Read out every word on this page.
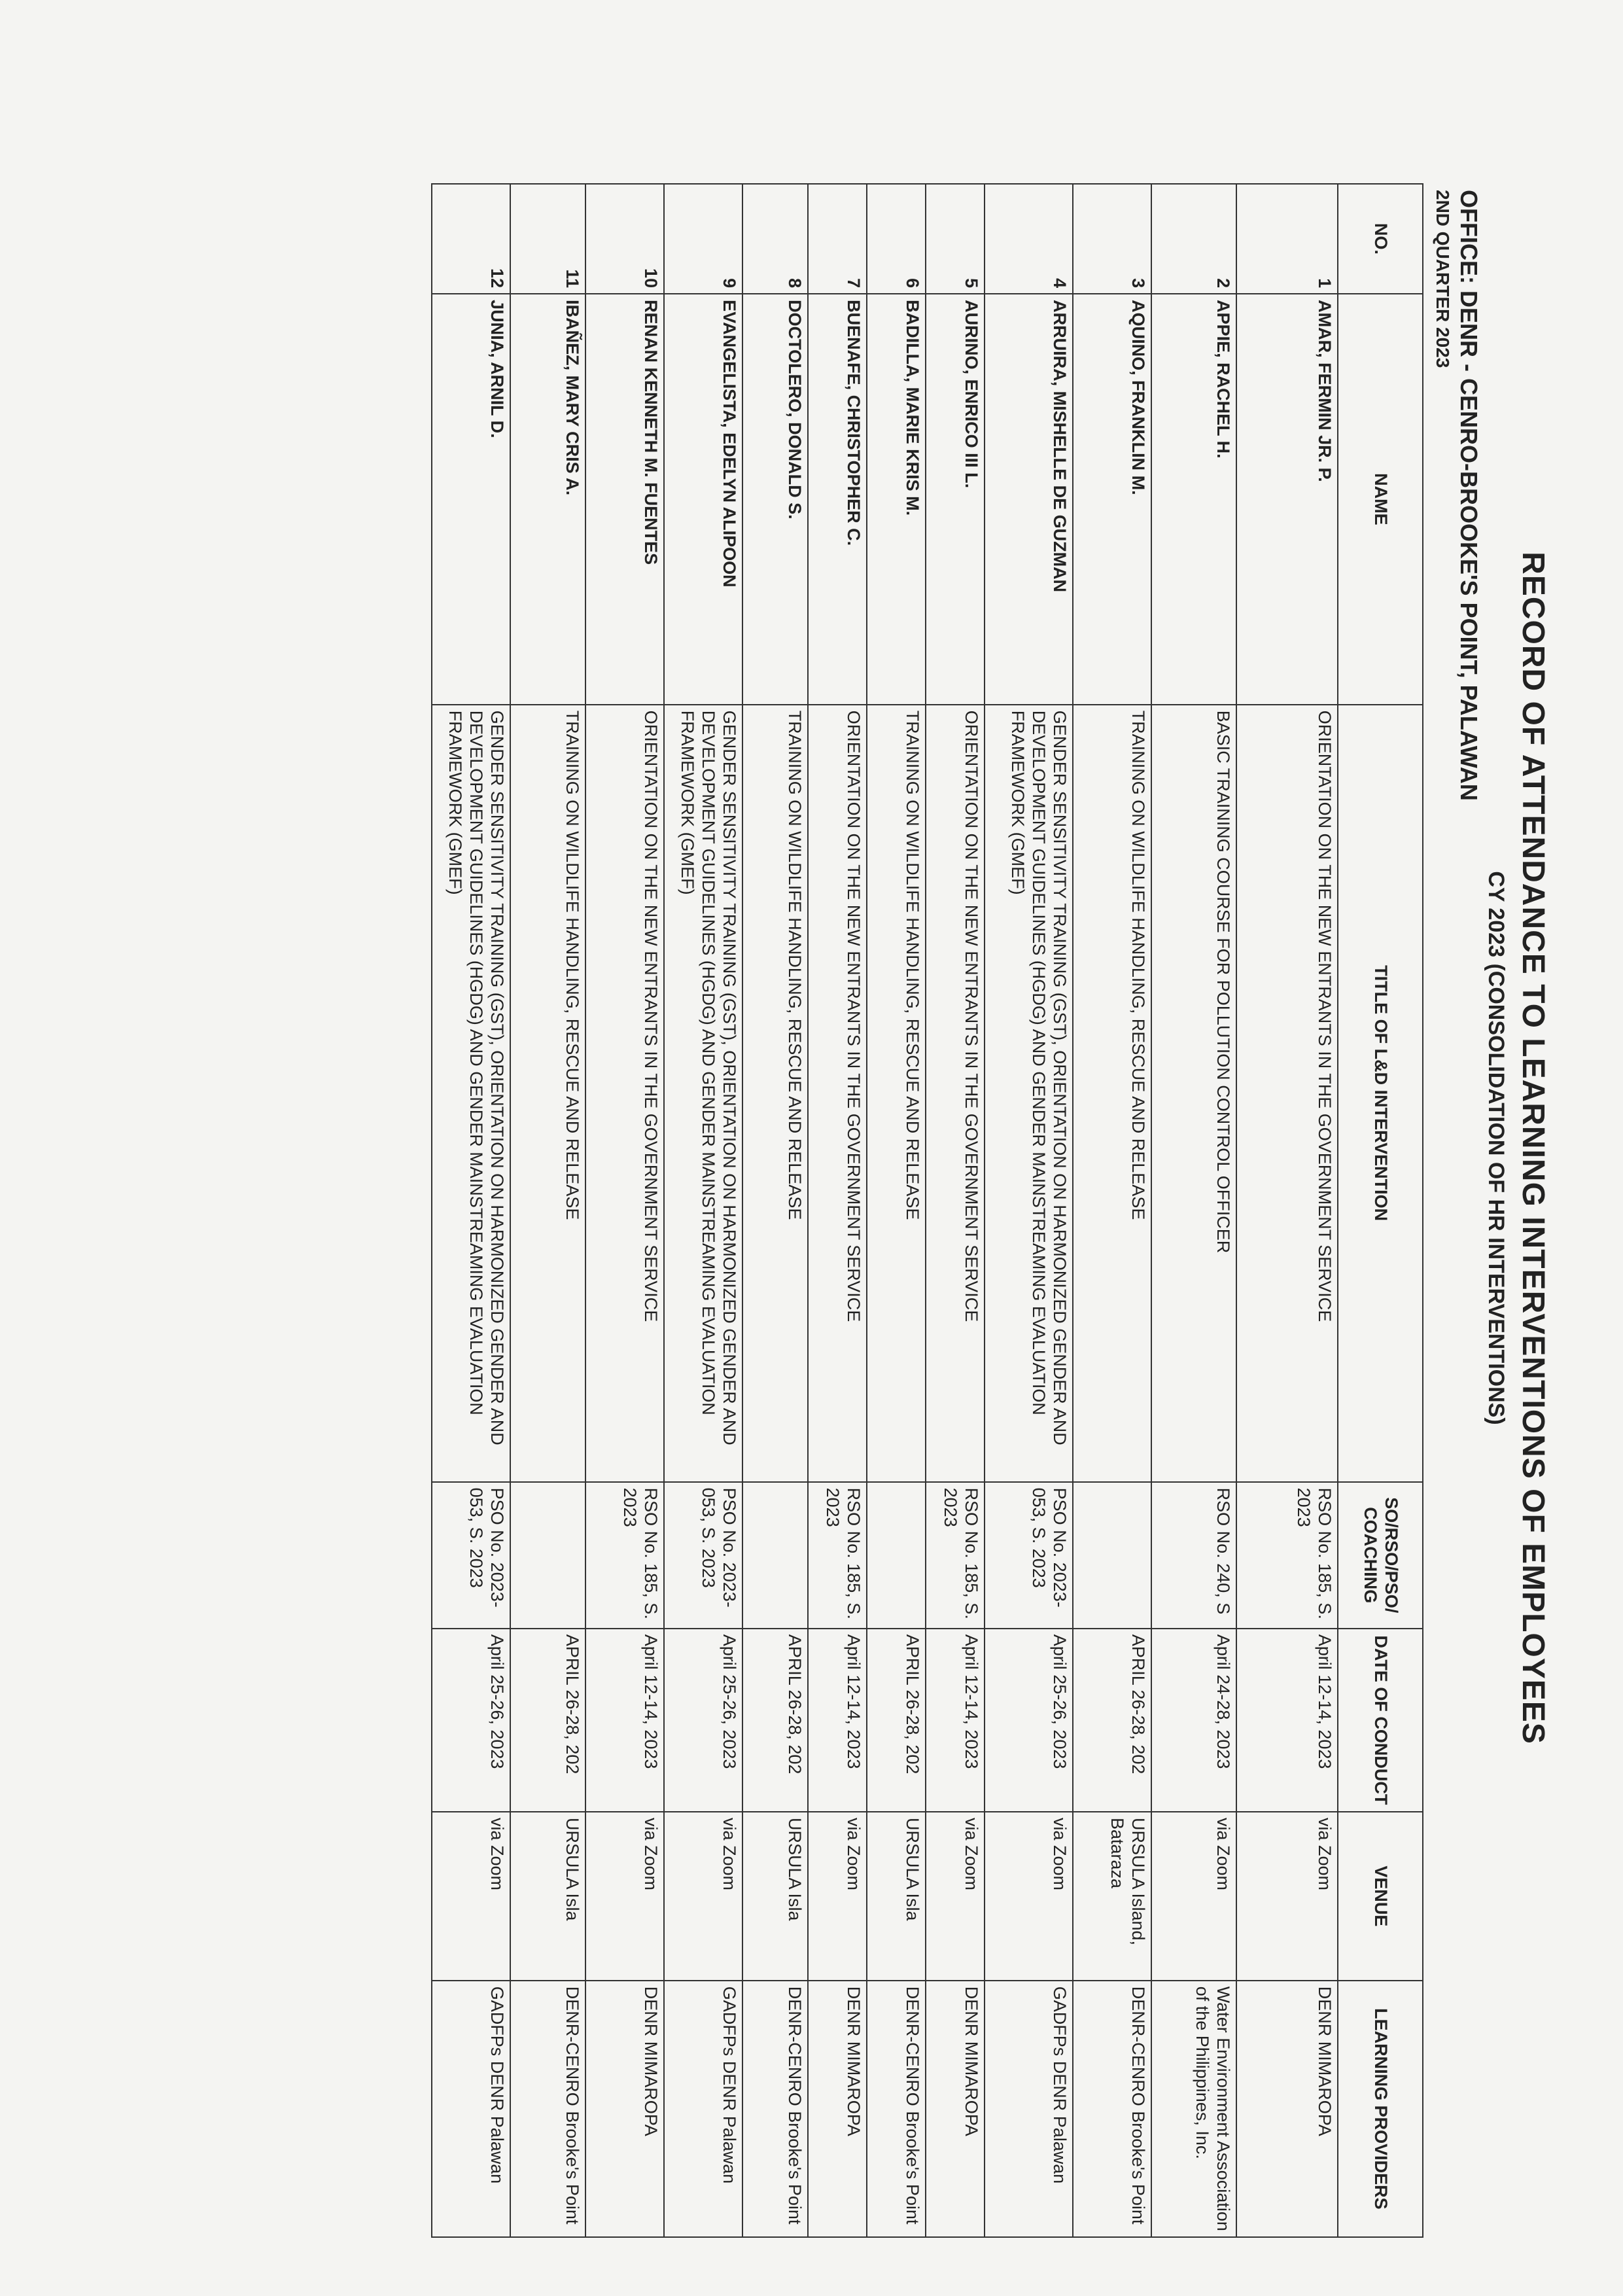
RECORD OF ATTENDANCE TO LEARNING INTERVENTIONS OF EMPLOYEES
CY 2023 (CONSOLIDATION OF HR INTERVENTIONS)
OFFICE: DENR - CENRO-BROOKE'S POINT, PALAWAN
2ND QUARTER 2023
NO.	NAME	TITLE OF L&D INTERVENTION	SO/RSO/PSO/ COACHING	DATE OF CONDUCT	VENUE	LEARNING PROVIDERS
1	AMAR, FERMIN JR. P.	ORIENTATION ON THE NEW ENTRANTS IN THE GOVERNMENT SERVICE	RSO No. 185, S. 2023	April 12-14, 2023	via Zoom	DENR MIMAROPA
2	APPIE, RACHEL H.	BASIC TRAINING COURSE FOR POLLUTION CONTROL OFFICER	RSO No. 240, S	April 24-28, 2023	via Zoom	Water Environment Association of the Philippines, Inc.
3	AQUINO, FRANKLIN M.	TRAINING ON WILDLIFE HANDLING, RESCUE AND RELEASE		APRIL 26-28, 202	URSULA Island, Bataraza	DENR-CENRO Brooke's Point
4	ARRUIRA, MISHELLE DE GUZMAN	GENDER SENSITIVITY TRAINING (GST), ORIENTATION ON HARMONIZED GENDER AND DEVELOPMENT GUIDELINES (HGDG) AND GENDER MAINSTREAMING EVALUATION FRAMEWORK (GMEF)	PSO No. 2023-053, S. 2023	April 25-26, 2023	via Zoom	GADFPs DENR Palawan
5	AURINO, ENRICO III L.	ORIENTATION ON THE NEW ENTRANTS IN THE GOVERNMENT SERVICE	RSO No. 185, S. 2023	April 12-14, 2023	via Zoom	DENR MIMAROPA
6	BADILLA, MARIE KRIS M.	TRAINING ON WILDLIFE HANDLING, RESCUE AND RELEASE		APRIL 26-28, 202	URSULA Isla	DENR-CENRO Brooke's Point
7	BUENAFE, CHRISTOPHER C.	ORIENTATION ON THE NEW ENTRANTS IN THE GOVERNMENT SERVICE	RSO No. 185, S. 2023	April 12-14, 2023	via Zoom	DENR MIMAROPA
8	DOCTOLERO, DONALD S.	TRAINING ON WILDLIFE HANDLING, RESCUE AND RELEASE		APRIL 26-28, 202	URSULA Isla	DENR-CENRO Brooke's Point
9	EVANGELISTA, EDELYN ALIPOON	GENDER SENSITIVITY TRAINING (GST), ORIENTATION ON HARMONIZED GENDER AND DEVELOPMENT GUIDELINES (HGDG) AND GENDER MAINSTREAMING EVALUATION FRAMEWORK (GMEF)	PSO No. 2023-053, S. 2023	April 25-26, 2023	via Zoom	GADFPs DENR Palawan
10	RENAN KENNETH M. FUENTES	ORIENTATION ON THE NEW ENTRANTS IN THE GOVERNMENT SERVICE	RSO No. 185, S. 2023	April 12-14, 2023	via Zoom	DENR MIMAROPA
11	IBAÑEZ, MARY CRIS A.	TRAINING ON WILDLIFE HANDLING, RESCUE AND RELEASE		APRIL 26-28, 202	URSULA Isla	DENR-CENRO Brooke's Point
12	JUNIA, ARNIL D.	GENDER SENSITIVITY TRAINING (GST), ORIENTATION ON HARMONIZED GENDER AND DEVELOPMENT GUIDELINES (HGDG) AND GENDER MAINSTREAMING EVALUATION FRAMEWORK (GMEF)	PSO No. 2023-053, S. 2023	April 25-26, 2023	via Zoom	GADFPs DENR Palawan
